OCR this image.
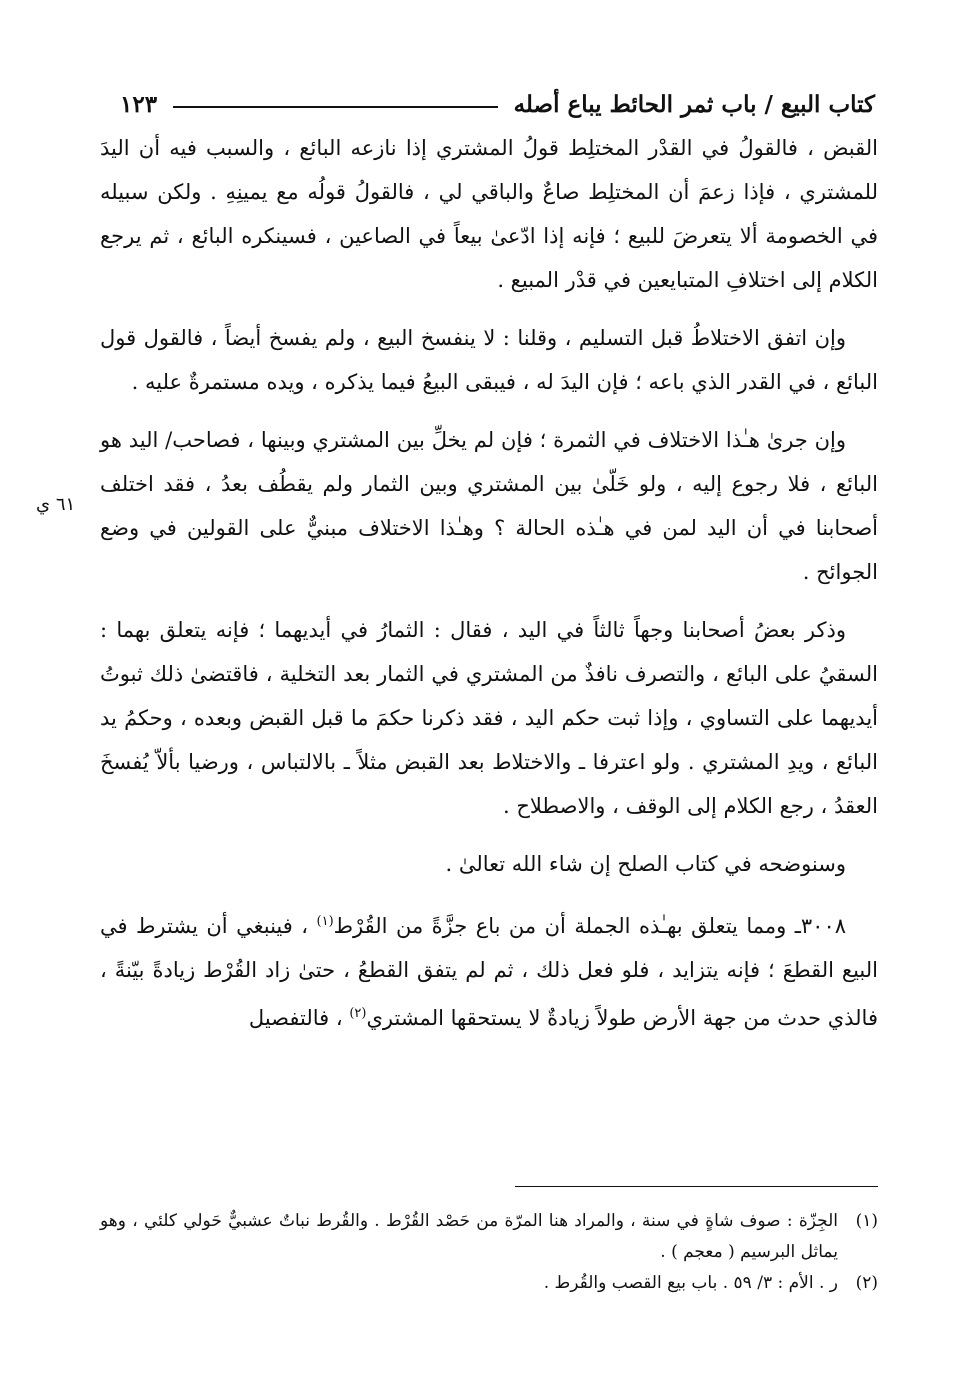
كتاب البيع / باب ثمر الحائط يباع أصله
١٢٣
٦١ ي

القبض ، فالقولُ في القدْر المختلِط قولُ المشتري إذا نازعه البائع ، والسبب فيه أن اليدَ للمشتري ، فإذا زعمَ أن المختلِط صاعٌ والباقي لي ، فالقولُ قولُه مع يمينِهِ . ولكن سبيله في الخصومة ألا يتعرضَ للبيع ؛ فإنه إذا ادّعىٰ بيعاً في الصاعين ، فسينكره البائع ، ثم يرجع الكلام إلى اختلافِ المتبايعين في قدْر المبيع .

وإن اتفق الاختلاطُ قبل التسليم ، وقلنا : لا ينفسخ البيع ، ولم يفسخ أيضاً ، فالقول قول البائع ، في القدر الذي باعه ؛ فإن اليدَ له ، فيبقى البيعُ فيما يذكره ، ويده مستمرةٌ عليه .

وإن جرىٰ هـٰذا الاختلاف في الثمرة ؛ فإن لم يخلِّ بين المشتري وبينها ، فصاحب/ اليد هو البائع ، فلا رجوع إليه ، ولو خَلّىٰ بين المشتري وبين الثمار ولم يقطُف بعدُ ، فقد اختلف أصحابنا في أن اليد لمن في هـٰذه الحالة ؟ وهـٰذا الاختلاف مبنيٌّ على القولين في وضع الجوائح .

وذكر بعضُ أصحابنا وجهاً ثالثاً في اليد ، فقال : الثمارُ في أيديهما ؛ فإنه يتعلق بهما : السقيُ على البائع ، والتصرف نافذٌ من المشتري في الثمار بعد التخلية ، فاقتضىٰ ذلك ثبوتُ أيديهما على التساوي ، وإذا ثبت حكم اليد ، فقد ذكرنا حكمَ ما قبل القبض وبعده ، وحكمُ يد البائع ، ويدِ المشتري . ولو اعترفا ـ والاختلاط بعد القبض مثلاً ـ بالالتباس ، ورضيا بألاّ يُفسخَ العقدُ ، رجع الكلام إلى الوقف ، والاصطلاح .

وسنوضحه في كتاب الصلح إن شاء الله تعالىٰ .

٣٠٠٨ـ ومما يتعلق بهـٰذه الجملة أن من باع جزَّةً من القُرْط$^{(١)}$ ، فينبغي أن يشترط في البيع القطعَ ؛ فإنه يتزايد ، فلو فعل ذلك ، ثم لم يتفق القطعُ ، حتىٰ زاد القُرْط زيادةً بيّنةً ، فالذي حدث من جهة الأرض طولاً زيادةٌ لا يستحقها المشتري$^{(٢)}$ ، فالتفصيل

(١)
الجِزّة : صوف شاةٍ في سنة ، والمراد هنا المرّة من حَصْد القُرْط . والقُرط نباتٌ عشبيٌّ حَولي كلئي ، وهو يماثل البرسيم ( معجم ) .
(٢)
ر . الأم : ٣/ ٥٩ . باب بيع القصب والقُرط .
